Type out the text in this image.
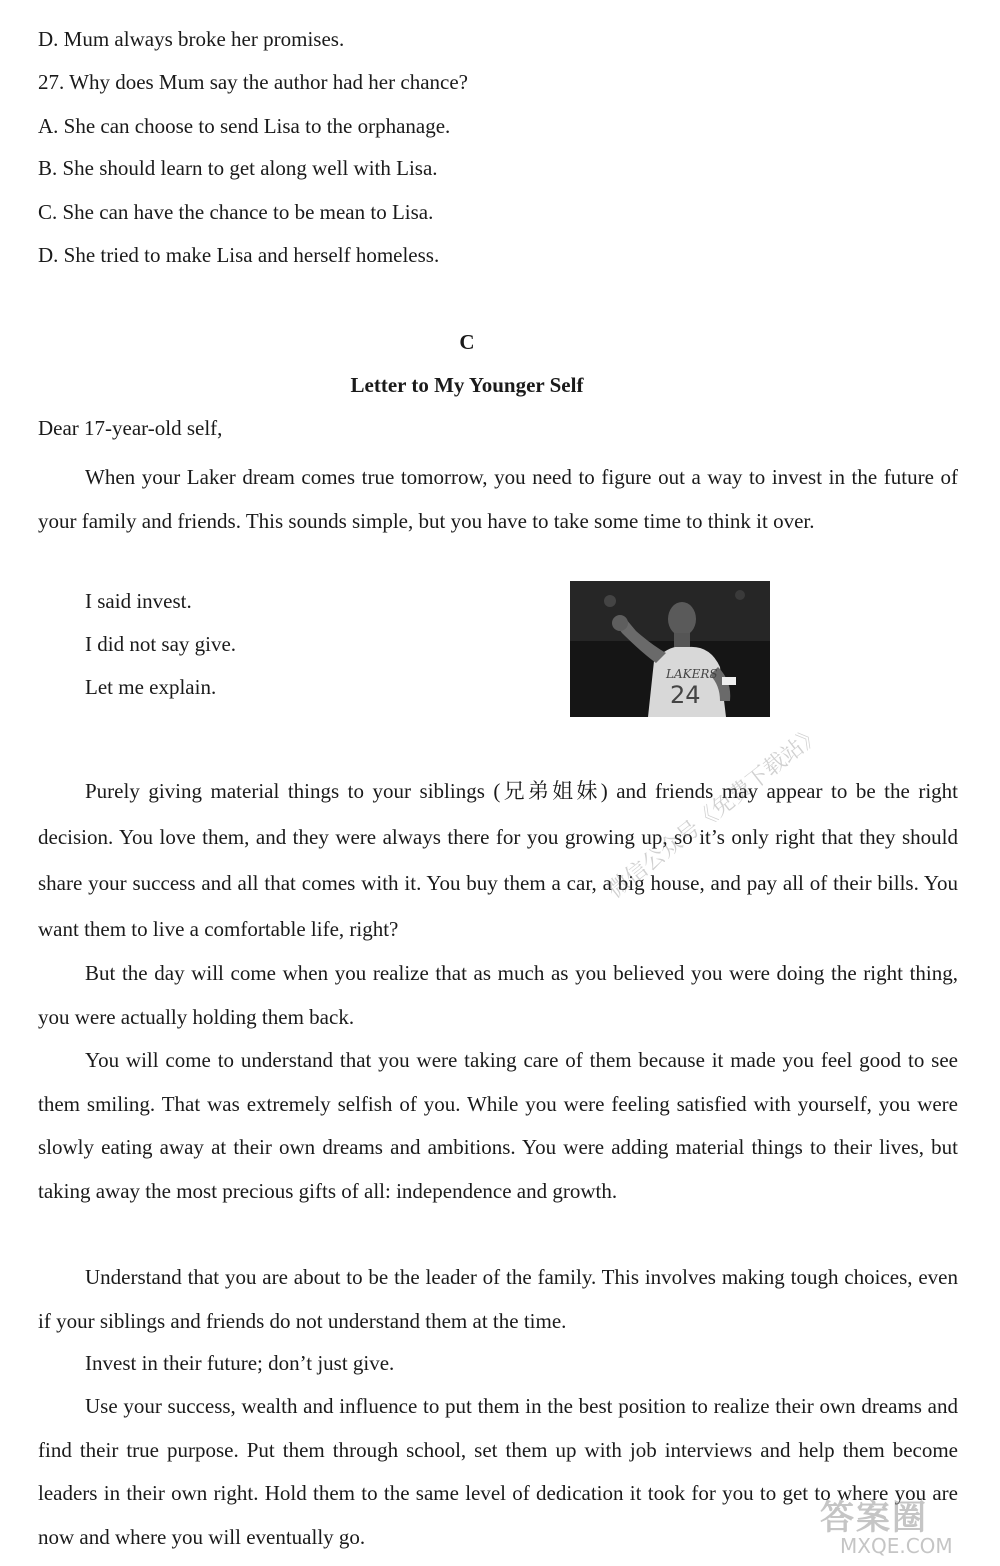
D. Mum always broke her promises.
27. Why does Mum say the author had her chance?
A. She can choose to send Lisa to the orphanage.
B. She should learn to get along well with Lisa.
C. She can have the chance to be mean to Lisa.
D. She tried to make Lisa and herself homeless.
C
Letter to My Younger Self
Dear 17-year-old self,
When your Laker dream comes true tomorrow, you need to figure out a way to invest in the future of your family and friends. This sounds simple, but you have to take some time to think it over.
I said invest.
I did not say give.
Let me explain.
LAKERS
24
Purely giving material things to your siblings (兄弟姐妹) and friends may appear to be the right decision. You love them, and they were always there for you growing up, so it’s only right that they should share your success and all that comes with it. You buy them a car, a big house, and pay all of their bills. You want them to live a comfortable life, right?
But the day will come when you realize that as much as you believed you were doing the right thing, you were actually holding them back.
You will come to understand that you were taking care of them because it made you feel good to see them smiling. That was extremely selfish of you. While you were feeling satisfied with yourself, you were slowly eating away at their own dreams and ambitions. You were adding material things to their lives, but taking away the most precious gifts of all: independence and growth.
Understand that you are about to be the leader of the family. This involves making tough choices, even if your siblings and friends do not understand them at the time.
Invest in their future; don’t just give.
Use your success, wealth and influence to put them in the best position to realize their own dreams and find their true purpose. Put them through school, set them up with job interviews and help them become leaders in their own right. Hold them to the same level of dedication it took for you to get to where you are now and where you will eventually go.
微信公众号《免费下载站》
答案圈
MXQE.COM
